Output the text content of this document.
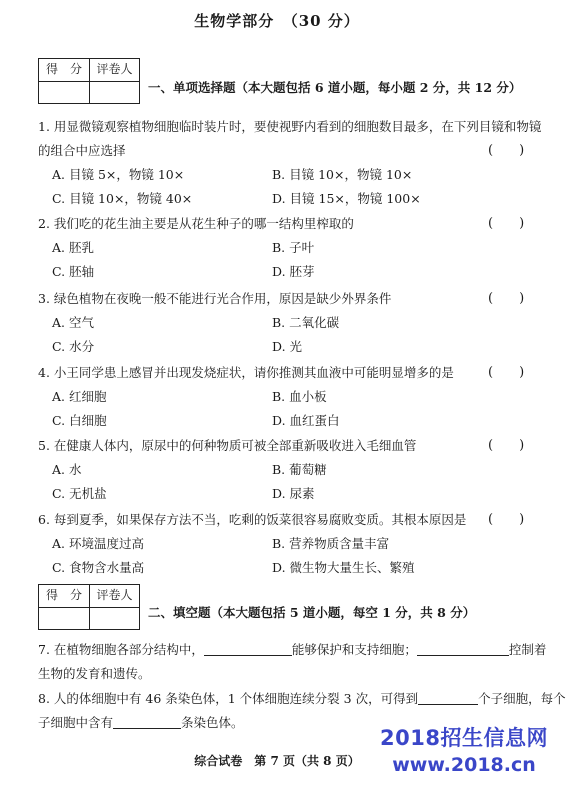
生物学部分　（30 分）
得　分	评卷人
一、单项选择题（本大题包括 6 道小题，每小题 2 分，共 12 分）
1. 用显微镜观察植物细胞临时装片时，要使视野内看到的细胞数目最多，在下列目镜和物镜
的组合中应选择	(　　)
A. 目镜 5×，物镜 10×	B. 目镜 10×，物镜 10×
C. 目镜 10×，物镜 40×	D. 目镜 15×，物镜 100×
2. 我们吃的花生油主要是从花生种子的哪一结构里榨取的	(　　)
A. 胚乳	B. 子叶
C. 胚轴	D. 胚芽
3. 绿色植物在夜晚一般不能进行光合作用，原因是缺少外界条件	(　　)
A. 空气	B. 二氧化碳
C. 水分	D. 光
4. 小王同学患上感冒并出现发烧症状，请你推测其血液中可能明显增多的是	(　　)
A. 红细胞	B. 血小板
C. 白细胞	D. 血红蛋白
5. 在健康人体内，原尿中的何种物质可被全部重新吸收进入毛细血管	(　　)
A. 水	B. 葡萄糖
C. 无机盐	D. 尿素
6. 每到夏季，如果保存方法不当，吃剩的饭菜很容易腐败变质。其根本原因是 (　　)
A. 环境温度过高	B. 营养物质含量丰富
C. 食物含水量高	D. 微生物大量生长、繁殖
得　分	评卷人
二、填空题（本大题包括 5 道小题，每空 1 分，共 8 分）
7. 在植物细胞各部分结构中，	能够保护和支持细胞；	控制着
生物的发育和遗传。
8. 人的体细胞中有 46 条染色体，1 个体细胞连续分裂 3 次，可得到	个子细胞，每个
子细胞中含有	条染色体。
综合试卷　第 7 页（共 8 页）
2018招生信息网
www.2018.cn
